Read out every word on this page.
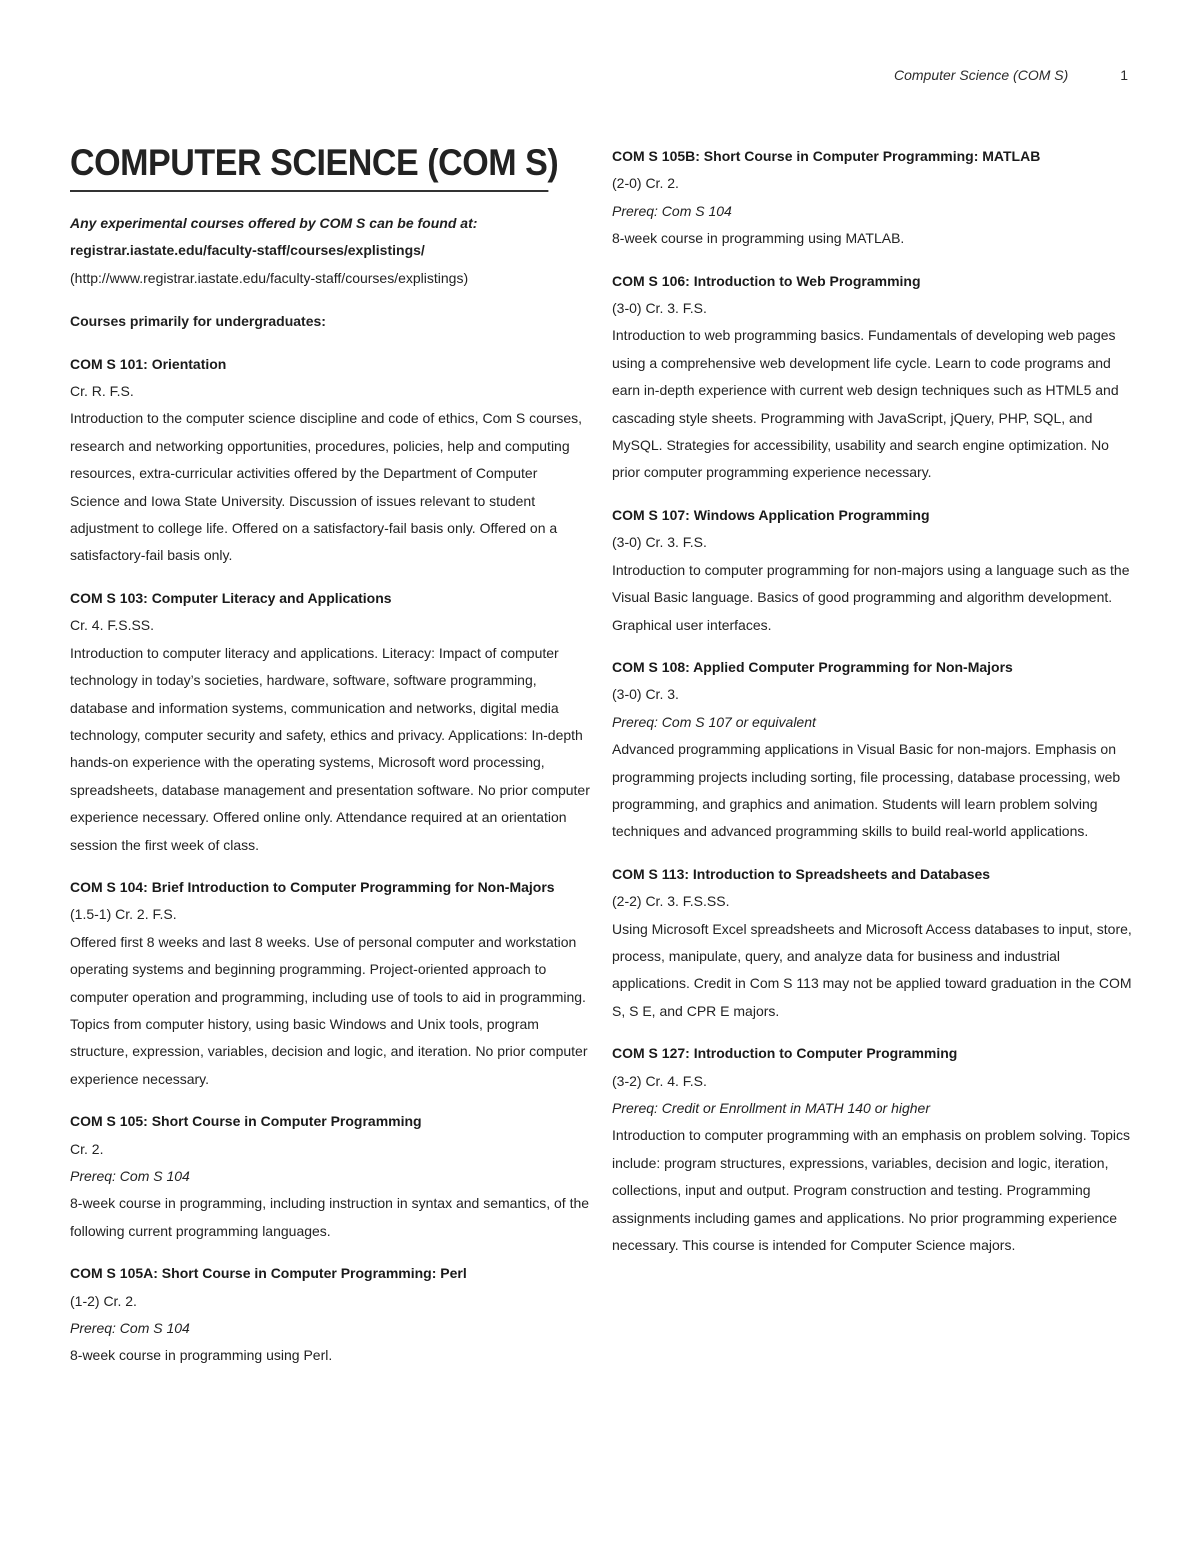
Computer Science (COM S)	1
COMPUTER SCIENCE (COM S)
Any experimental courses offered by COM S can be found at:
registrar.iastate.edu/faculty-staff/courses/explistings/ (http://www.registrar.iastate.edu/faculty-staff/courses/explistings)
Courses primarily for undergraduates:
COM S 101: Orientation
Cr. R. F.S.
Introduction to the computer science discipline and code of ethics, Com S courses, research and networking opportunities, procedures, policies, help and computing resources, extra-curricular activities offered by the Department of Computer Science and Iowa State University. Discussion of issues relevant to student adjustment to college life. Offered on a satisfactory-fail basis only. Offered on a satisfactory-fail basis only.
COM S 103: Computer Literacy and Applications
Cr. 4. F.S.SS.
Introduction to computer literacy and applications. Literacy: Impact of computer technology in today’s societies, hardware, software, software programming, database and information systems, communication and networks, digital media technology, computer security and safety, ethics and privacy. Applications: In-depth hands-on experience with the operating systems, Microsoft word processing, spreadsheets, database management and presentation software. No prior computer experience necessary. Offered online only. Attendance required at an orientation session the first week of class.
COM S 104: Brief Introduction to Computer Programming for Non-Majors
(1.5-1) Cr. 2. F.S.
Offered first 8 weeks and last 8 weeks. Use of personal computer and workstation operating systems and beginning programming. Project-oriented approach to computer operation and programming, including use of tools to aid in programming. Topics from computer history, using basic Windows and Unix tools, program structure, expression, variables, decision and logic, and iteration. No prior computer experience necessary.
COM S 105: Short Course in Computer Programming
Cr. 2.
Prereq: Com S 104
8-week course in programming, including instruction in syntax and semantics, of the following current programming languages.
COM S 105A: Short Course in Computer Programming: Perl
(1-2) Cr. 2.
Prereq: Com S 104
8-week course in programming using Perl.
COM S 105B: Short Course in Computer Programming: MATLAB
(2-0) Cr. 2.
Prereq: Com S 104
8-week course in programming using MATLAB.
COM S 106: Introduction to Web Programming
(3-0) Cr. 3. F.S.
Introduction to web programming basics. Fundamentals of developing web pages using a comprehensive web development life cycle. Learn to code programs and earn in-depth experience with current web design techniques such as HTML5 and cascading style sheets. Programming with JavaScript, jQuery, PHP, SQL, and MySQL. Strategies for accessibility, usability and search engine optimization. No prior computer programming experience necessary.
COM S 107: Windows Application Programming
(3-0) Cr. 3. F.S.
Introduction to computer programming for non-majors using a language such as the Visual Basic language. Basics of good programming and algorithm development. Graphical user interfaces.
COM S 108: Applied Computer Programming for Non-Majors
(3-0) Cr. 3.
Prereq: Com S 107 or equivalent
Advanced programming applications in Visual Basic for non-majors. Emphasis on programming projects including sorting, file processing, database processing, web programming, and graphics and animation. Students will learn problem solving techniques and advanced programming skills to build real-world applications.
COM S 113: Introduction to Spreadsheets and Databases
(2-2) Cr. 3. F.S.SS.
Using Microsoft Excel spreadsheets and Microsoft Access databases to input, store, process, manipulate, query, and analyze data for business and industrial applications. Credit in Com S 113 may not be applied toward graduation in the COM S, S E, and CPR E majors.
COM S 127: Introduction to Computer Programming
(3-2) Cr. 4. F.S.
Prereq: Credit or Enrollment in MATH 140 or higher
Introduction to computer programming with an emphasis on problem solving. Topics include: program structures, expressions, variables, decision and logic, iteration, collections, input and output. Program construction and testing. Programming assignments including games and applications. No prior programming experience necessary. This course is intended for Computer Science majors.
